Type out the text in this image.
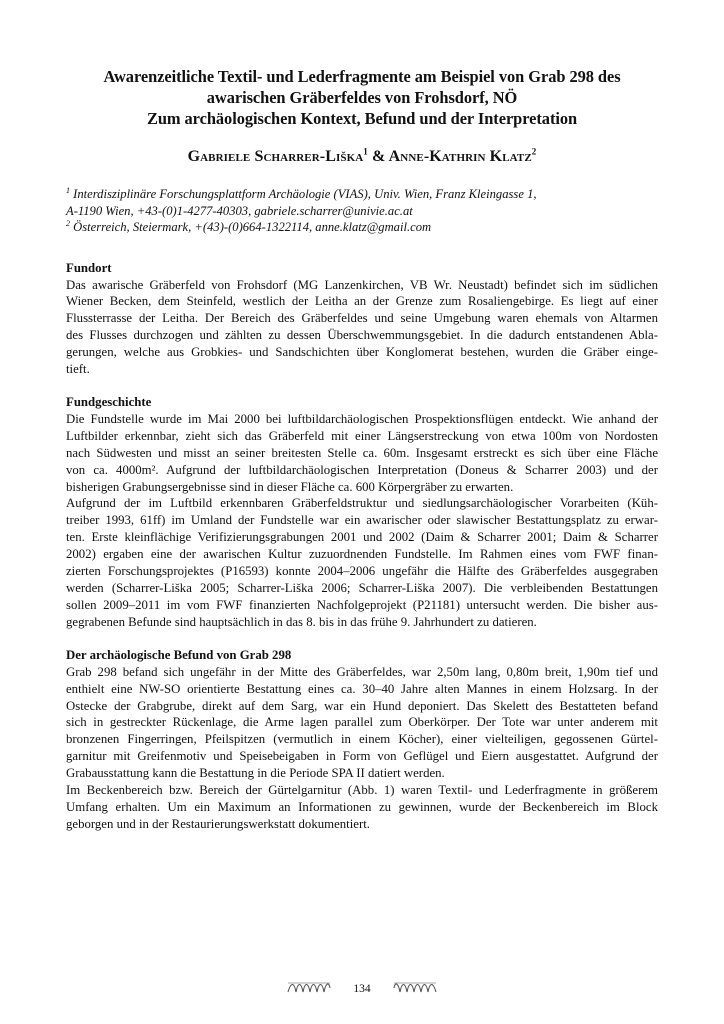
Awarenzeitliche Textil- und Lederfragmente am Beispiel von Grab 298 des
awarischen Gräberfeldes von Frohsdorf, NÖ
Zum archäologischen Kontext, Befund und der Interpretation
Gabriele Scharrer-Liška$^1$ & Anne-Kathrin Klatz$^2$
$^1$ Interdisziplinäre Forschungsplattform Archäologie (VIAS), Univ. Wien, Franz Kleingasse 1,
A-1190 Wien, +43-(0)1-4277-40303, gabriele.scharrer@univie.ac.at
$^2$ Österreich, Steiermark, +(43)-(0)664-1322114, anne.klatz@gmail.com
Fundort
Das awarische Gräberfeld von Frohsdorf (MG Lanzenkirchen, VB Wr. Neustadt) befindet sich im südlichen
Wiener Becken, dem Steinfeld, westlich der Leitha an der Grenze zum Rosaliengebirge. Es liegt auf einer
Flussterrasse der Leitha. Der Bereich des Gräberfeldes und seine Umgebung waren ehemals von Altarmen
des Flusses durchzogen und zählten zu dessen Überschwemmungsgebiet. In die dadurch entstandenen Abla-
gerungen, welche aus Grobkies- und Sandschichten über Konglomerat bestehen, wurden die Gräber einge-
tieft.
Fundgeschichte
Die Fundstelle wurde im Mai 2000 bei luftbildarchäologischen Prospektionsflügen entdeckt. Wie anhand der
Luftbilder erkennbar, zieht sich das Gräberfeld mit einer Längserstreckung von etwa 100m von Nordosten
nach Südwesten und misst an seiner breitesten Stelle ca. 60m. Insgesamt erstreckt es sich über eine Fläche
von ca. 4000m². Aufgrund der luftbildarchäologischen Interpretation (Doneus & Scharrer 2003) und der
bisherigen Grabungsergebnisse sind in dieser Fläche ca. 600 Körpergräber zu erwarten.
Aufgrund der im Luftbild erkennbaren Gräberfeldstruktur und siedlungsarchäologischer Vorarbeiten (Küh-
treiber 1993, 61ff) im Umland der Fundstelle war ein awarischer oder slawischer Bestattungsplatz zu erwar-
ten. Erste kleinflächige Verifizierungsgrabungen 2001 und 2002 (Daim & Scharrer 2001; Daim & Scharrer
2002) ergaben eine der awarischen Kultur zuzuordnenden Fundstelle. Im Rahmen eines vom FWF finan-
zierten Forschungsprojektes (P16593) konnte 2004–2006 ungefähr die Hälfte des Gräberfeldes ausgegraben
werden (Scharrer-Liška 2005; Scharrer-Liška 2006; Scharrer-Liška 2007). Die verbleibenden Bestattungen
sollen 2009–2011 im vom FWF finanzierten Nachfolgeprojekt (P21181) untersucht werden. Die bisher aus-
gegrabenen Befunde sind hauptsächlich in das 8. bis in das frühe 9. Jahrhundert zu datieren.
Der archäologische Befund von Grab 298
Grab 298 befand sich ungefähr in der Mitte des Gräberfeldes, war 2,50m lang, 0,80m breit, 1,90m tief und
enthielt eine NW-SO orientierte Bestattung eines ca. 30–40 Jahre alten Mannes in einem Holzsarg. In der
Ostecke der Grabgrube, direkt auf dem Sarg, war ein Hund deponiert. Das Skelett des Bestatteten befand
sich in gestreckter Rückenlage, die Arme lagen parallel zum Oberkörper. Der Tote war unter anderem mit
bronzenen Fingerringen, Pfeilspitzen (vermutlich in einem Köcher), einer vielteiligen, gegossenen Gürtel-
garnitur mit Greifenmotiv und Speisebeigaben in Form von Geflügel und Eiern ausgestattet. Aufgrund der
Grabausstattung kann die Bestattung in die Periode SPA II datiert werden.
Im Beckenbereich bzw. Bereich der Gürtelgarnitur (Abb. 1) waren Textil- und Lederfragmente in größerem
Umfang erhalten. Um ein Maximum an Informationen zu gewinnen, wurde der Beckenbereich im Block
geborgen und in der Restaurierungswerkstatt dokumentiert.
134
